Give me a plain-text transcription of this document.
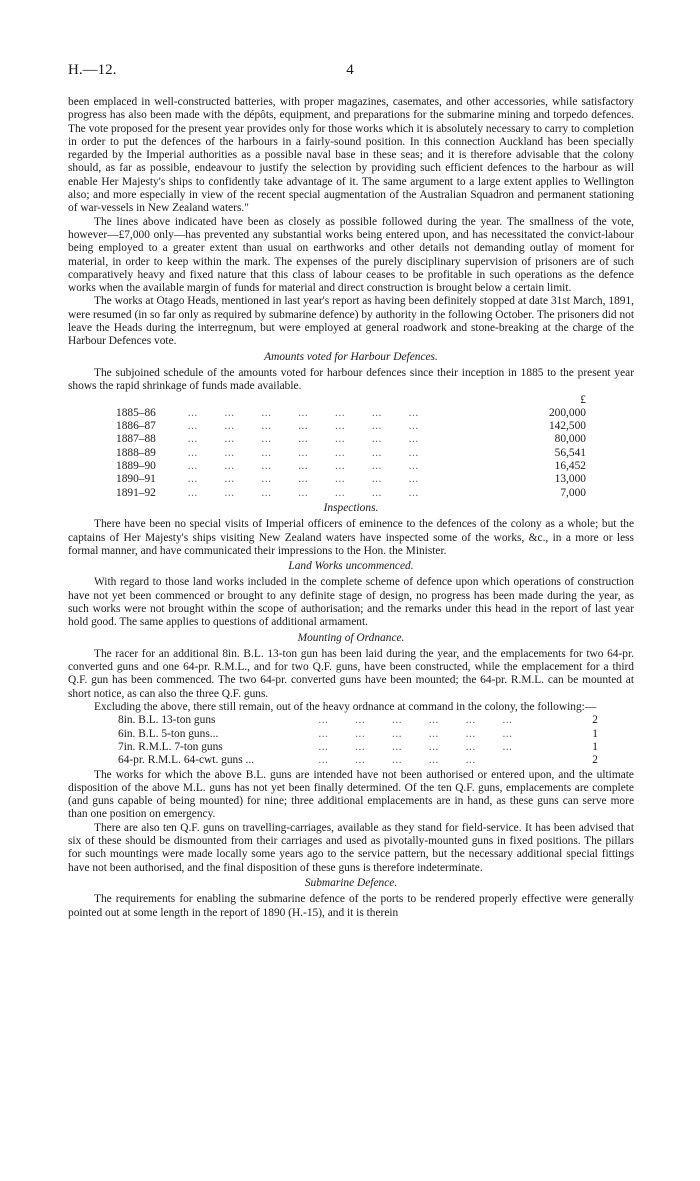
H.—12.	4

been emplaced in well-constructed batteries, with proper magazines, casemates, and other accessories, while satisfactory progress has also been made with the dépôts, equipment, and preparations for the submarine mining and torpedo defences. The vote proposed for the present year provides only for those works which it is absolutely necessary to carry to completion in order to put the defences of the harbours in a fairly-sound position. In this connection Auckland has been specially regarded by the Imperial authorities as a possible naval base in these seas; and it is therefore advisable that the colony should, as far as possible, endeavour to justify the selection by providing such efficient defences to the harbour as will enable Her Majesty's ships to confidently take advantage of it. The same argument to a large extent applies to Wellington also; and more especially in view of the recent special augmentation of the Australian Squadron and permanent stationing of war-vessels in New Zealand waters."

The lines above indicated have been as closely as possible followed during the year. The smallness of the vote, however—£7,000 only—has prevented any substantial works being entered upon, and has necessitated the convict-labour being employed to a greater extent than usual on earthworks and other details not demanding outlay of moment for material, in order to keep within the mark. The expenses of the purely disciplinary supervision of prisoners are of such comparatively heavy and fixed nature that this class of labour ceases to be profitable in such operations as the defence works when the available margin of funds for material and direct construction is brought below a certain limit.

The works at Otago Heads, mentioned in last year's report as having been definitely stopped at date 31st March, 1891, were resumed (in so far only as required by submarine defence) by authority in the following October. The prisoners did not leave the Heads during the interregnum, but were employed at general roadwork and stone-breaking at the charge of the Harbour Defences vote.

Amounts voted for Harbour Defences.

The subjoined schedule of the amounts voted for harbour defences since their inception in 1885 to the present year shows the rapid shrinkage of funds made available.

		£
1885–86	...        ...        ...        ...        ...        ...        ...	200,000
1886–87	...        ...        ...        ...        ...        ...        ...	142,500
1887–88	...        ...        ...        ...        ...        ...        ...	80,000
1888–89	...        ...        ...        ...        ...        ...        ...	56,541
1889–90	...        ...        ...        ...        ...        ...        ...	16,452
1890–91	...        ...        ...        ...        ...        ...        ...	13,000
1891–92	...        ...        ...        ...        ...        ...        ...	7,000
Inspections.

There have been no special visits of Imperial officers of eminence to the defences of the colony as a whole; but the captains of Her Majesty's ships visiting New Zealand waters have inspected some of the works, &c., in a more or less formal manner, and have communicated their impressions to the Hon. the Minister.

Land Works uncommenced.

With regard to those land works included in the complete scheme of defence upon which operations of construction have not yet been commenced or brought to any definite stage of design, no progress has been made during the year, as such works were not brought within the scope of authorisation; and the remarks under this head in the report of last year hold good. The same applies to questions of additional armament.

Mounting of Ordnance.

The racer for an additional 8in. B.L. 13-ton gun has been laid during the year, and the emplacements for two 64-pr. converted guns and one 64-pr. R.M.L., and for two Q.F. guns, have been constructed, while the emplacement for a third Q.F. gun has been commenced. The two 64-pr. converted guns have been mounted; the 64-pr. R.M.L. can be mounted at short notice, as can also the three Q.F. guns.

Excluding the above, there still remain, out of the heavy ordnance at command in the colony, the following:—

8in. B.L. 13-ton guns	...        ...        ...        ...        ...        ...	2
6in. B.L. 5-ton guns...	...        ...        ...        ...        ...        ...	1
7in. R.M.L. 7-ton guns	...        ...        ...        ...        ...        ...	1
64-pr. R.M.L. 64-cwt. guns ...	...        ...        ...        ...        ...	2

The works for which the above B.L. guns are intended have not been authorised or entered upon, and the ultimate disposition of the above M.L. guns has not yet been finally determined. Of the ten Q.F. guns, emplacements are complete (and guns capable of being mounted) for nine; three additional emplacements are in hand, as these guns can serve more than one position on emergency.

There are also ten Q.F. guns on travelling-carriages, available as they stand for field-service. It has been advised that six of these should be dismounted from their carriages and used as pivotally-mounted guns in fixed positions. The pillars for such mountings were made locally some years ago to the service pattern, but the necessary additional special fittings have not been authorised, and the final disposition of these guns is therefore indeterminate.

Submarine Defence.

The requirements for enabling the submarine defence of the ports to be rendered properly effective were generally pointed out at some length in the report of 1890 (H.-15), and it is therein
